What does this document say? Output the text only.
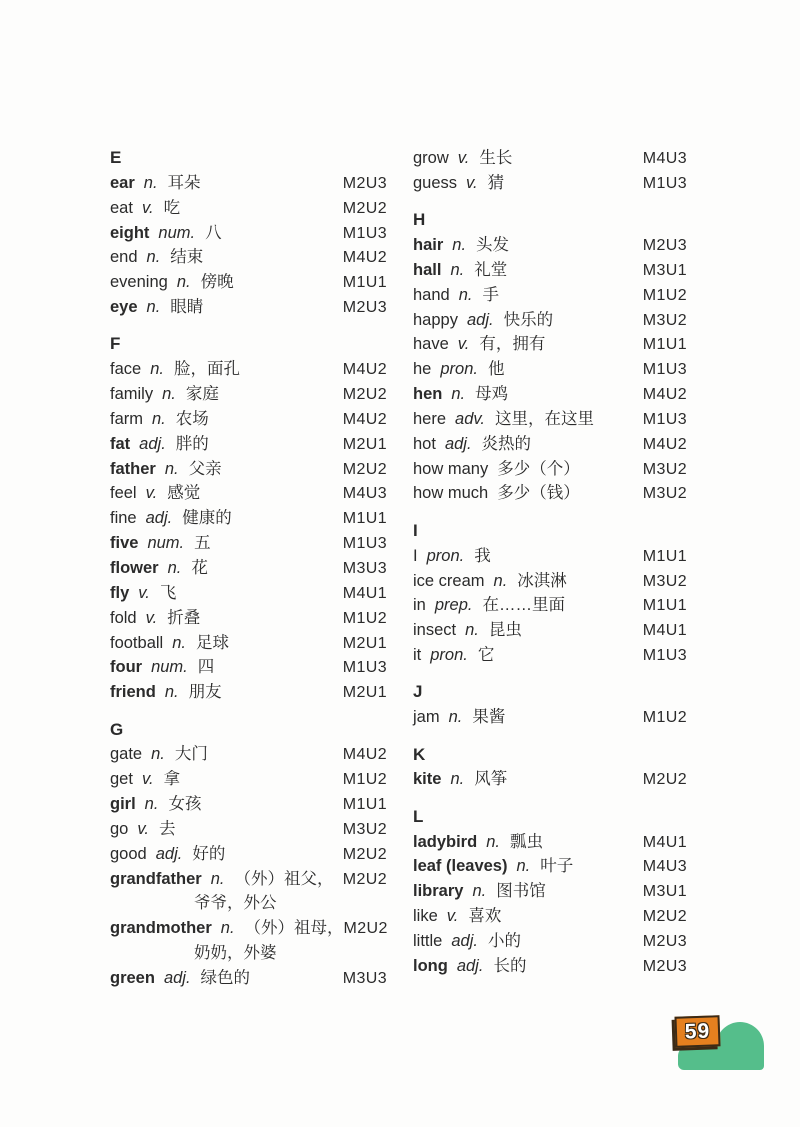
E
ear n. 耳朵	M2U3
eat v. 吃	M2U2
eight num. 八	M1U3
end n. 结束	M4U2
evening n. 傍晚	M1U1
eye n. 眼睛	M2U3
F
face n. 脸，面孔	M4U2
family n. 家庭	M2U2
farm n. 农场	M4U2
fat adj. 胖的	M2U1
father n. 父亲	M2U2
feel v. 感觉	M4U3
fine adj. 健康的	M1U1
five num. 五	M1U3
flower n. 花	M3U3
fly v. 飞	M4U1
fold v. 折叠	M1U2
football n. 足球	M2U1
four num. 四	M1U3
friend n. 朋友	M2U1
G
gate n. 大门	M4U2
get v. 拿	M1U2
girl n. 女孩	M1U1
go v. 去	M3U2
good adj. 好的	M2U2
grandfather n. （外）祖父， M2U2
爷爷，外公
grandmother n. （外）祖母， M2U2
奶奶，外婆
green adj. 绿色的	M3U3
grow v. 生长	M4U3
guess v. 猜	M1U3
H
hair n. 头发	M2U3
hall n. 礼堂	M3U1
hand n. 手	M1U2
happy adj. 快乐的	M3U2
have v. 有，拥有	M1U1
he pron. 他	M1U3
hen n. 母鸡	M4U2
here adv. 这里，在这里	M1U3
hot adj. 炎热的	M4U2
how many 多少（个）	M3U2
how much 多少（钱）	M3U2
I
I pron. 我	M1U1
ice cream n. 冰淇淋	M3U2
in prep. 在……里面	M1U1
insect n. 昆虫	M4U1
it pron. 它	M1U3
J
jam n. 果酱	M1U2
K
kite n. 风筝	M2U2
L
ladybird n. 瓢虫	M4U1
leaf (leaves) n. 叶子	M4U3
library n. 图书馆	M3U1
like v. 喜欢	M2U2
little adj. 小的	M2U3
long adj. 长的	M2U3
59
